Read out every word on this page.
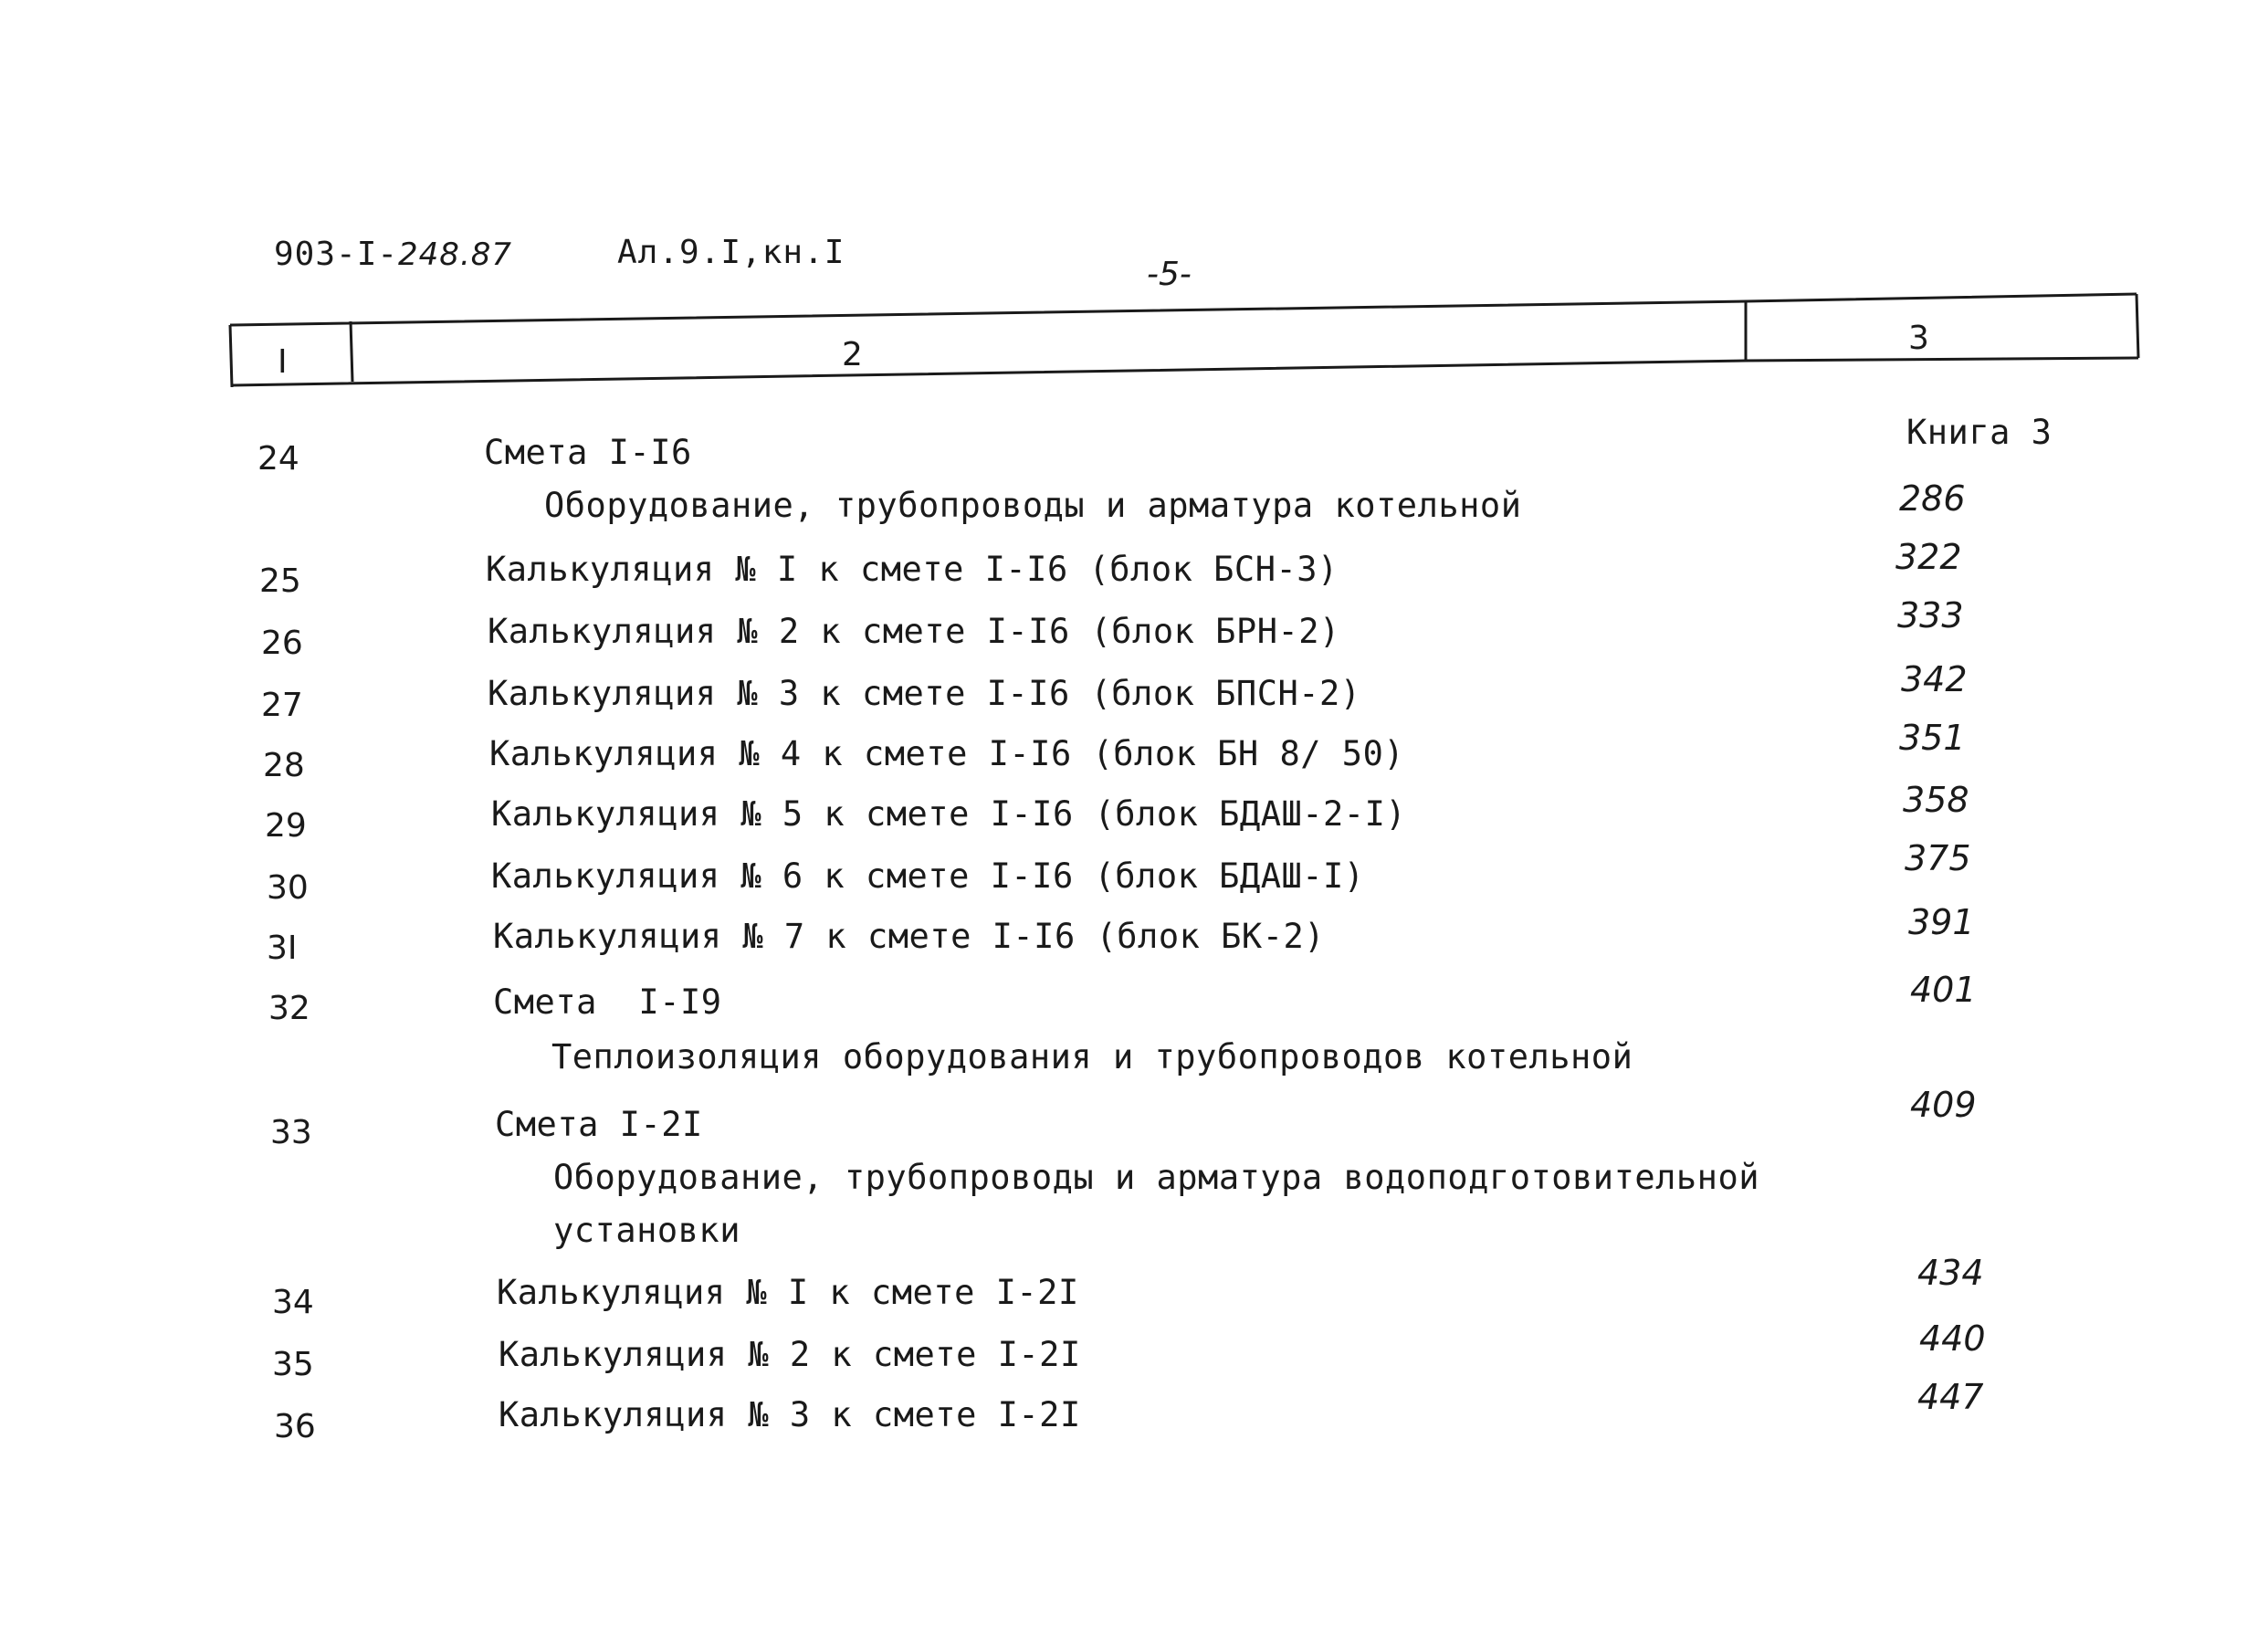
903-I-248.87	Ал.9.I,кн.I
-5-
I	2	3
Книга 3
24	Смета I-I6
Оборудование, трубопроводы и арматура котельной	286
25	Калькуляция № I к смете I-I6 (блок БСН-3)	322
26	Калькуляция № 2 к смете I-I6 (блок БРН-2)	333
27	Калькуляция № 3 к смете I-I6 (блок БПСН-2)	342
28	Калькуляция № 4 к смете I-I6 (блок БН 8/ 50)	351
29	Калькуляция № 5 к смете I-I6 (блок БДАШ-2-I)	358
30	Калькуляция № 6 к смете I-I6 (блок БДАШ-I)	375
3I	Калькуляция № 7 к смете I-I6 (блок БК-2)	391
32	Смета  I-I9	401
Теплоизоляция оборудования и трубопроводов котельной
33	Смета I-2I	409
Оборудование, трубопроводы и арматура водоподготовительной
установки
34	Калькуляция № I к смете I-2I	434
35	Калькуляция № 2 к смете I-2I	440
36	Калькуляция № 3 к смете I-2I	447
